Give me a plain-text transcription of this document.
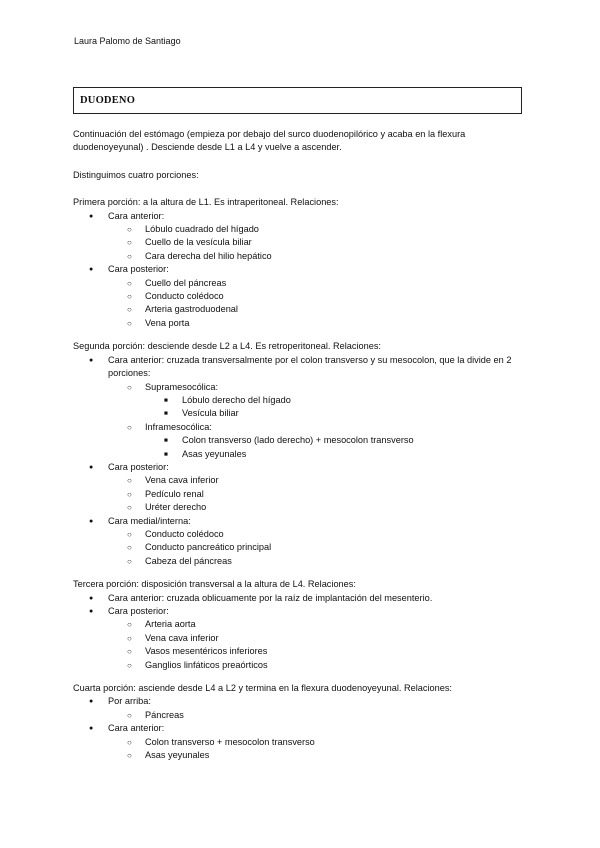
Laura Palomo de Santiago
DUODENO

Continuación del estómago (empieza por debajo del surco duodenopilórico y acaba en la flexura duodenoyeyunal) . Desciende desde L1 a L4 y vuelve a ascender.

Distinguimos cuatro porciones:

Primera porción: a la altura de L1. Es intraperitoneal. Relaciones:

● Cara anterior:
○ Lóbulo cuadrado del hígado
○ Cuello de la vesícula biliar
○ Cara derecha del hilio hepático
● Cara posterior:
○ Cuello del páncreas
○ Conducto colédoco
○ Arteria gastroduodenal
○ Vena porta

Segunda porción: desciende desde L2 a L4. Es retroperitoneal. Relaciones:

● Cara anterior: cruzada transversalmente por el colon transverso y su mesocolon, que la divide en 2 porciones:
○ Supramesocólica:
■ Lóbulo derecho del hígado
■ Vesícula biliar
○ Inframesocólica:
■ Colon transverso (lado derecho) + mesocolon transverso
■ Asas yeyunales
● Cara posterior:
○ Vena cava inferior
○ Pedículo renal
○ Uréter derecho
● Cara medial/interna:
○ Conducto colédoco
○ Conducto pancreático principal
○ Cabeza del páncreas

Tercera porción: disposición transversal a la altura de L4. Relaciones:

● Cara anterior: cruzada oblicuamente por la raíz de implantación del mesenterio.
● Cara posterior:
○ Arteria aorta
○ Vena cava inferior
○ Vasos mesentéricos inferiores
○ Ganglios linfáticos preaórticos

Cuarta porción: asciende desde L4 a L2 y termina en la flexura duodenoyeyunal. Relaciones:

● Por arriba:
○ Páncreas
● Cara anterior:
○ Colon transverso + mesocolon transverso
○ Asas yeyunales
